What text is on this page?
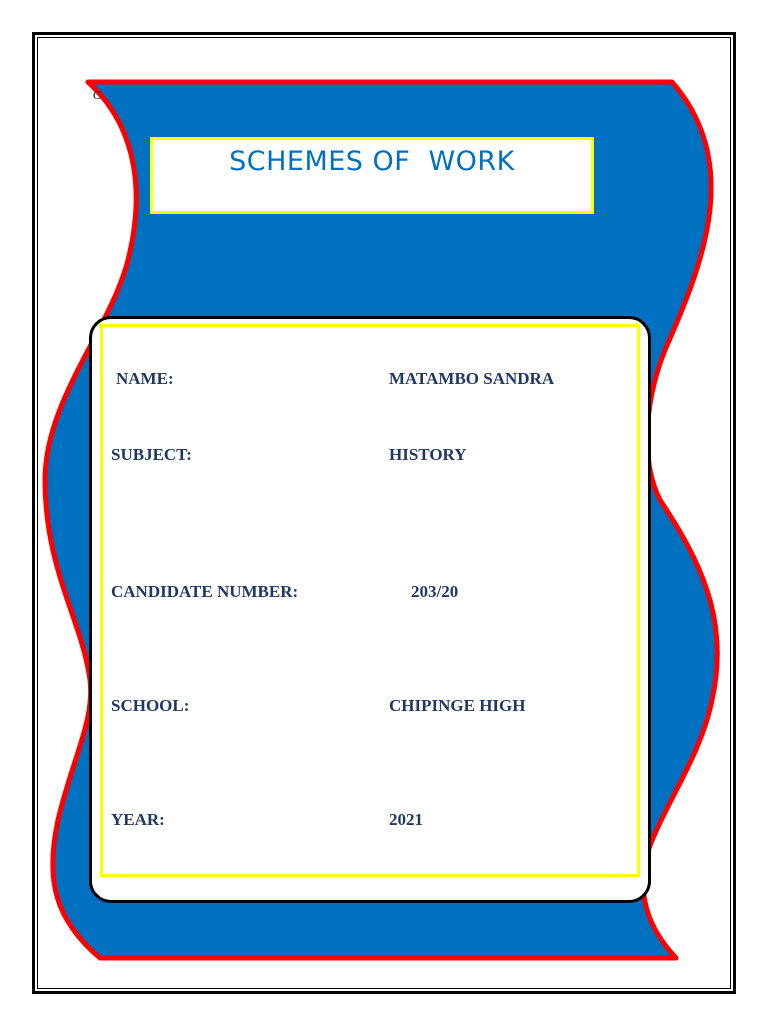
C
SCHEMES OF  WORK
NAME:	MATAMBO SANDRA
SUBJECT:	HISTORY
CANDIDATE NUMBER:	203/20
SCHOOL:	CHIPINGE HIGH
YEAR:	2021
